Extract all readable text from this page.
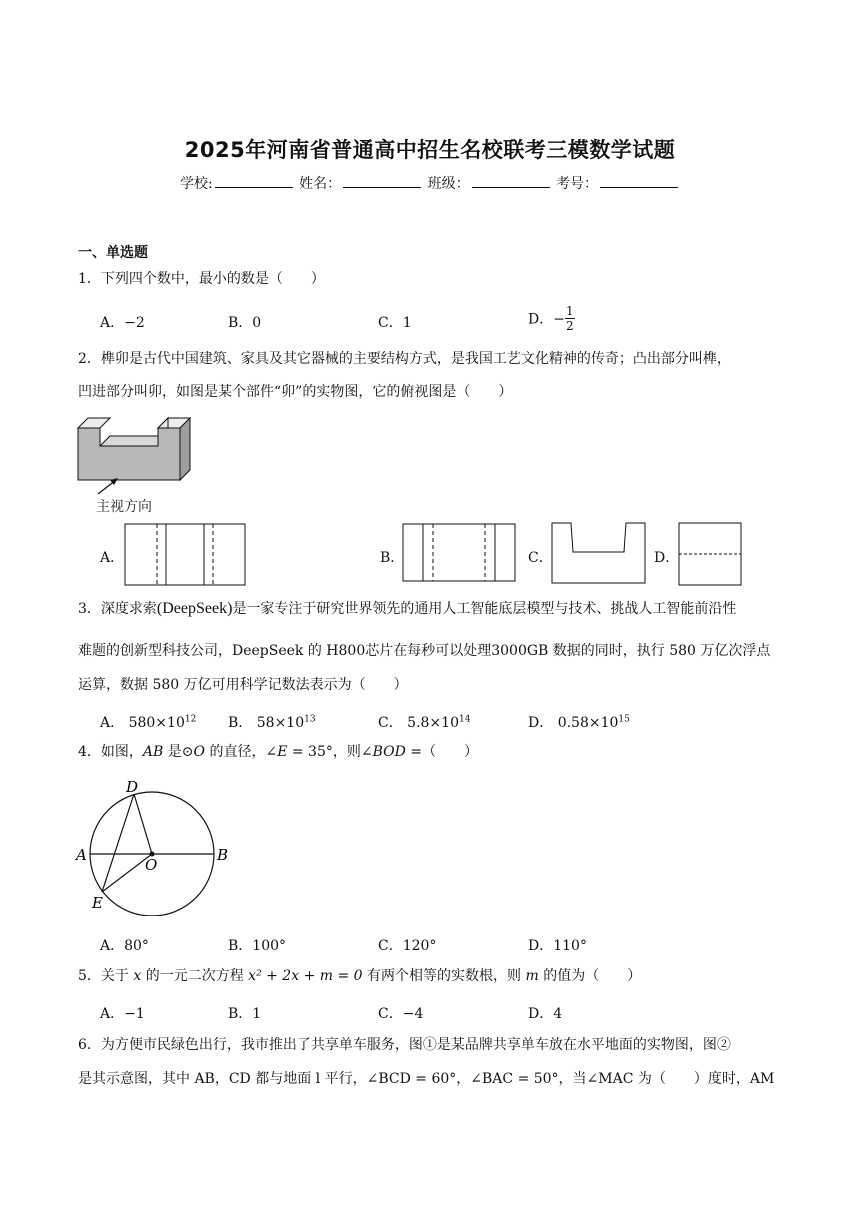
2025年河南省普通高中招生名校联考三模数学试题
学校:	姓名：	班级：	考号：
一、单选题
1．下列四个数中，最小的数是（　　）
A．−2	B．0	C．1	D．− $\frac{1}{2}$
2．榫卯是古代中国建筑、家具及其它器械的主要结构方式，是我国工艺文化精神的传奇；凸出部分叫榫，
凹进部分叫卯，如图是某个部件“卯”的实物图，它的俯视图是（　　）
主视方向
A．	B．	C．	D．
3．深度求索(DeepSeek)是一家专注于研究世界领先的通用人工智能底层模型与技术、挑战人工智能前沿性
难题的创新型科技公司，DeepSeek 的 H800芯片在每秒可以处理3000GB 数据的同时，执行 580 万亿次浮点
运算，数据 580 万亿可用科学记数法表示为（　　）
A． $580\times 10^{12}$ B． $58\times 10^{13}$	C． $5.8\times 10^{14}$	D． $0.58\times 10^{15}$
4．如图，AB 是⊙O 的直径，∠E = 35°，则∠BOD =（　　）
D
A	B
O
E
A．80°	B．100°	C．120°	D．110°
5．关于 x 的一元二次方程 x² + 2x + m = 0 有两个相等的实数根，则 m 的值为（　　）
A．−1	B．1	C．−4	D．4
6．为方便市民绿色出行，我市推出了共享单车服务，图①是某品牌共享单车放在水平地面的实物图，图②
是其示意图，其中 AB，CD 都与地面 l 平行，∠BCD = 60°，∠BAC = 50°，当∠MAC 为（　　）度时，AM
